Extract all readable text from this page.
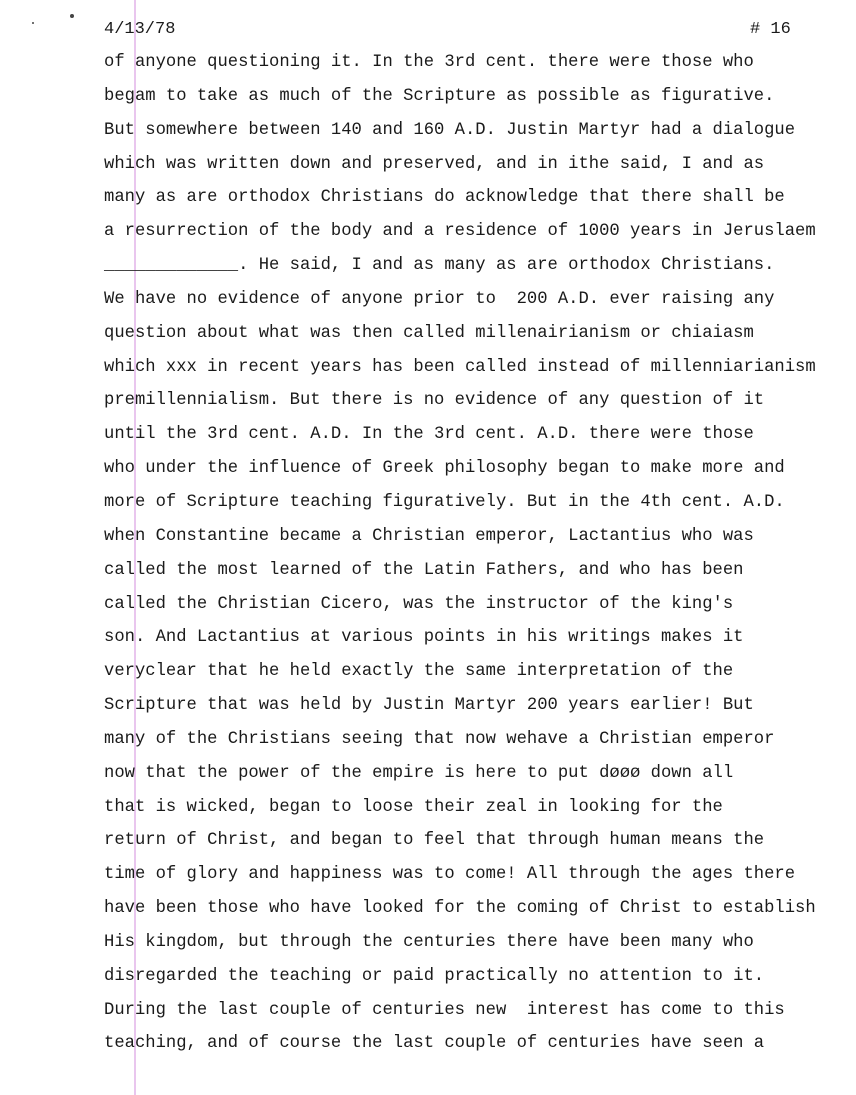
4/13/78	# 16
of anyone questioning it. In the 3rd cent. there were those who
begam to take as much of the Scripture as possible as figurative.
But somewhere between 140 and 160 A.D. Justin Martyr had a dialogue
which was written down and preserved, and in ithe said, I and as
many as are orthodox Christians do acknowledge that there shall be
a resurrection of the body and a residence of 1000 years in Jeruslaem
_____________. He said, I and as many as are orthodox Christians.
We have no evidence of anyone prior to  200 A.D. ever raising any
question about what was then called millenairianism or chiaiasm
which xxx in recent years has been called instead of millenniarianism
premillennialism. But there is no evidence of any question of it
until the 3rd cent. A.D. In the 3rd cent. A.D. there were those
who under the influence of Greek philosophy began to make more and
more of Scripture teaching figuratively. But in the 4th cent. A.D.
when Constantine became a Christian emperor, Lactantius who was
called the most learned of the Latin Fathers, and who has been
called the Christian Cicero, was the instructor of the king's
son. And Lactantius at various points in his writings makes it
veryclear that he held exactly the same interpretation of the
Scripture that was held by Justin Martyr 200 years earlier! But
many of the Christians seeing that now wehave a Christian emperor
now that the power of the empire is here to put døøø down all
that is wicked, began to loose their zeal in looking for the
return of Christ, and began to feel that through human means the
time of glory and happiness was to come! All through the ages there
have been those who have looked for the coming of Christ to establish
His kingdom, but through the centuries there have been many who
disregarded the teaching or paid practically no attention to it.
During the last couple of centuries new  interest has come to this
teaching, and of course the last couple of centuries have seen a
